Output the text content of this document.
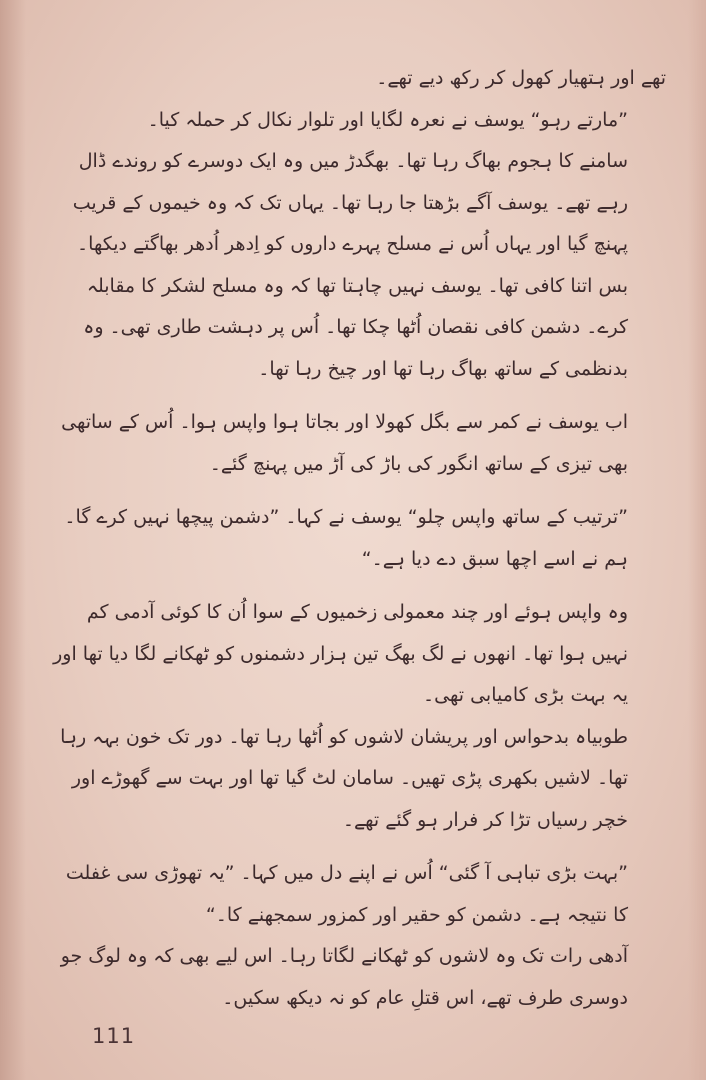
تھے اور ہتھیار کھول کر رکھ دیے تھے۔

”مارتے رہو“ یوسف نے نعرہ لگایا اور تلوار نکال کر حملہ کیا۔

سامنے کا ہجوم بھاگ رہا تھا۔ بھگدڑ میں وہ ایک دوسرے کو روندے ڈال رہے تھے۔ یوسف آگے بڑھتا جا رہا تھا۔ یہاں تک کہ وہ خیموں کے قریب پہنچ گیا اور یہاں اُس نے مسلح پہرے داروں کو اِدھر اُدھر بھاگتے دیکھا۔

بس اتنا کافی تھا۔ یوسف نہیں چاہتا تھا کہ وہ مسلح لشکر کا مقابلہ کرے۔ دشمن کافی نقصان اُٹھا چکا تھا۔ اُس پر دہشت طاری تھی۔ وہ بدنظمی کے ساتھ بھاگ رہا تھا اور چیخ رہا تھا۔

اب یوسف نے کمر سے بگل کھولا اور بجاتا ہوا واپس ہوا۔ اُس کے ساتھی بھی تیزی کے ساتھ انگور کی باڑ کی آڑ میں پہنچ گئے۔

”ترتیب کے ساتھ واپس چلو“ یوسف نے کہا۔ ”دشمن پیچھا نہیں کرے گا۔ ہم نے اسے اچھا سبق دے دیا ہے۔“

وہ واپس ہوئے اور چند معمولی زخمیوں کے سوا اُن کا کوئی آدمی کم نہیں ہوا تھا۔ انھوں نے لگ بھگ تین ہزار دشمنوں کو ٹھکانے لگا دیا تھا اور یہ بہت بڑی کامیابی تھی۔

طوبیاہ بدحواس اور پریشان لاشوں کو اُٹھا رہا تھا۔ دور تک خون بہہ رہا تھا۔ لاشیں بکھری پڑی تھیں۔ سامان لٹ گیا تھا اور بہت سے گھوڑے اور خچر رسیاں تڑا کر فرار ہو گئے تھے۔

”بہت بڑی تباہی آ گئی“ اُس نے اپنے دل میں کہا۔ ”یہ تھوڑی سی غفلت کا نتیجہ ہے۔ دشمن کو حقیر اور کمزور سمجھنے کا۔“

آدھی رات تک وہ لاشوں کو ٹھکانے لگاتا رہا۔ اس لیے بھی کہ وہ لوگ جو دوسری طرف تھے، اس قتلِ عام کو نہ دیکھ سکیں۔

111
